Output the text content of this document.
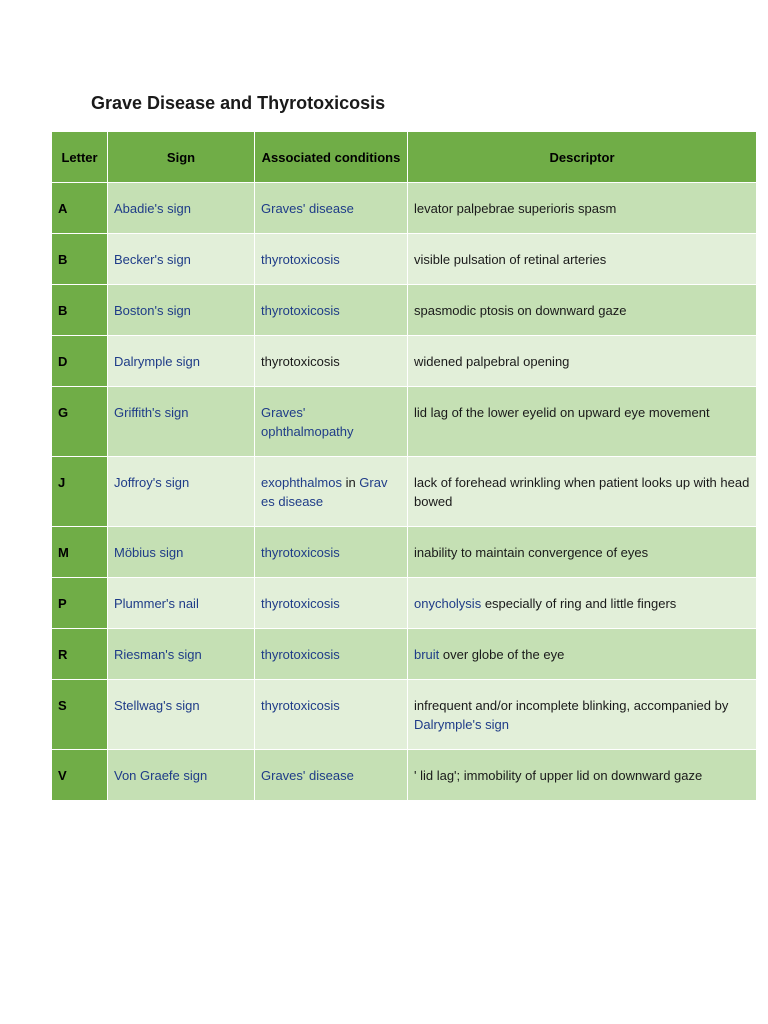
Grave Disease and Thyrotoxicosis
Letter	Sign	Associated conditions	Descriptor

A	Abadie's sign	Graves' disease	levator palpebrae superioris spasm

B	Becker's sign	thyrotoxicosis	visible pulsation of retinal arteries

B	Boston's sign	thyrotoxicosis	spasmodic ptosis on downward gaze

D	Dalrymple sign	thyrotoxicosis	widened palpebral opening

G	Griffith's sign	Graves' ophthalmopathy	lid lag of the lower eyelid on upward eye movement

J	Joffroy's sign	exophthalmos in Grav es disease	lack of forehead wrinkling when patient looks up with head bowed

M	Möbius sign	thyrotoxicosis	inability to maintain convergence of eyes

P	Plummer's nail	thyrotoxicosis	onycholysis especially of ring and little fingers

R	Riesman's sign	thyrotoxicosis	bruit over globe of the eye

S	Stellwag's sign	thyrotoxicosis	infrequent and/or incomplete blinking, accompanied by Dalrymple's sign

V	Von Graefe sign	Graves' disease	' lid lag'; immobility of upper lid on downward gaze
